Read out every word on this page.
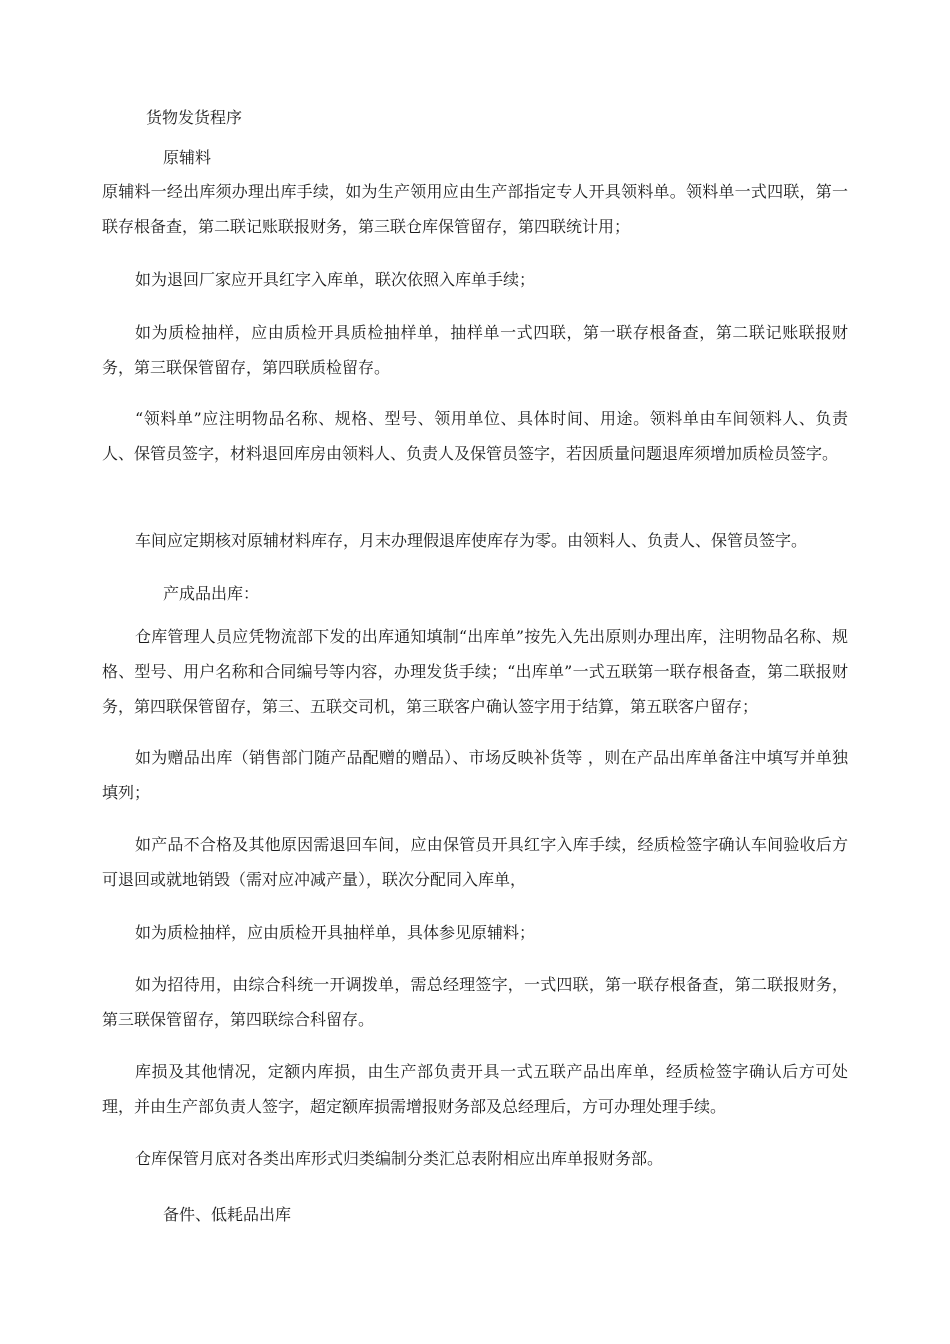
货物发货程序

原辅料

原辅料一经出库须办理出库手续，如为生产领用应由生产部指定专人开具领料单。领料单一式四联，第一联存根备查，第二联记账联报财务，第三联仓库保管留存，第四联统计用；

如为退回厂家应开具红字入库单，联次依照入库单手续；

如为质检抽样，应由质检开具质检抽样单，抽样单一式四联，第一联存根备查，第二联记账联报财务，第三联保管留存，第四联质检留存。

“领料单”应注明物品名称、规格、型号、领用单位、具体时间、用途。领料单由车间领料人、负责人、保管员签字，材料退回库房由领料人、负责人及保管员签字，若因质量问题退库须增加质检员签字。

车间应定期核对原辅材料库存，月末办理假退库使库存为零。由领料人、负责人、保管员签字。

产成品出库：

仓库管理人员应凭物流部下发的出库通知填制“出库单”按先入先出原则办理出库，注明物品名称、规格、型号、用户名称和合同编号等内容，办理发货手续；“出库单”一式五联第一联存根备查，第二联报财务，第四联保管留存，第三、五联交司机，第三联客户确认签字用于结算，第五联客户留存；

如为赠品出库（销售部门随产品配赠的赠品）、市场反映补货等 ，则在产品出库单备注中填写并单独填列；

如产品不合格及其他原因需退回车间，应由保管员开具红字入库手续，经质检签字确认车间验收后方可退回或就地销毁（需对应冲减产量），联次分配同入库单，

如为质检抽样，应由质检开具抽样单，具体参见原辅料；

如为招待用，由综合科统一开调拨单，需总经理签字，一式四联，第一联存根备查，第二联报财务，第三联保管留存，第四联综合科留存。

库损及其他情况，定额内库损，由生产部负责开具一式五联产品出库单，经质检签字确认后方可处理，并由生产部负责人签字，超定额库损需增报财务部及总经理后，方可办理处理手续。

仓库保管月底对各类出库形式归类编制分类汇总表附相应出库单报财务部。

备件、低耗品出库
